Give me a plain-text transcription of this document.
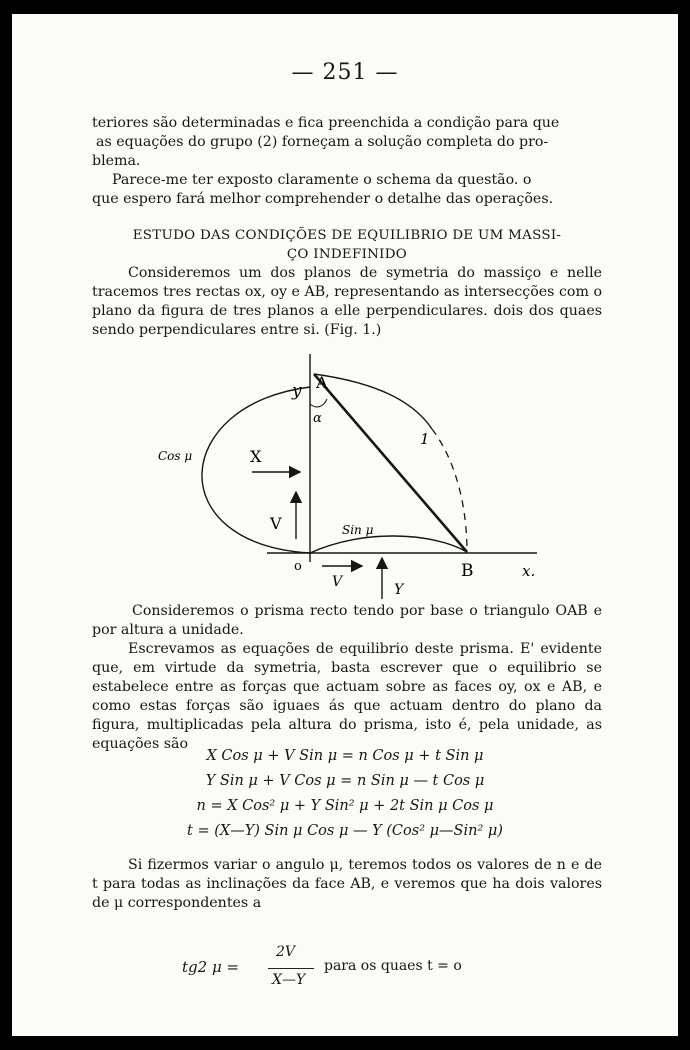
— 251 —
teriores são determinadas e fica preenchida a condição para que
as equações do grupo (2) forneçam a solução completa do pro-
blema.
Parece-me ter exposto claramente o schema da questão. o
que espero fará melhor comprehender o detalhe das operações.
ESTUDO DAS CONDIÇÕES DE EQUILIBRIO DE UM MASSI-
ÇO INDEFINIDO
Consideremos um dos planos de symetria do massiço e nelle tracemos tres rectas ox, oy e AB, representando as intersecções com o plano da figura de tres planos a elle perpendiculares. dois dos quaes sendo perpendiculares entre si. (Fig. 1.)
y A
α
1
Cos μ	X
V	Sin μ
o	B	x.
V	Y
Consideremos o prisma recto tendo por base o triangulo OAB e por altura a unidade.
Escrevamos as equações de equilibrio deste prisma. E' evidente que, em virtude da symetria, basta escrever que o equilibrio se estabelece entre as forças que actuam sobre as faces oy, ox e AB, e como estas forças são iguaes ás que actuam dentro do plano da figura, multiplicadas pela altura do prisma, isto é, pela unidade, as equações são
X Cos μ + V Sin μ = n Cos μ + t Sin μ
Y Sin μ + V Cos μ = n Sin μ — t Cos μ
n = X Cos² μ + Y Sin² μ + 2t Sin μ Cos μ
t = (X—Y) Sin μ Cos μ — Y (Cos² μ—Sin² μ)
Si fizermos variar o angulo μ, teremos todos os valores de n e de t para todas as inclinações da face AB, e veremos que ha dois valores de μ correspondentes a
tg2 μ =
2V
X—Y
para os quaes t = o
